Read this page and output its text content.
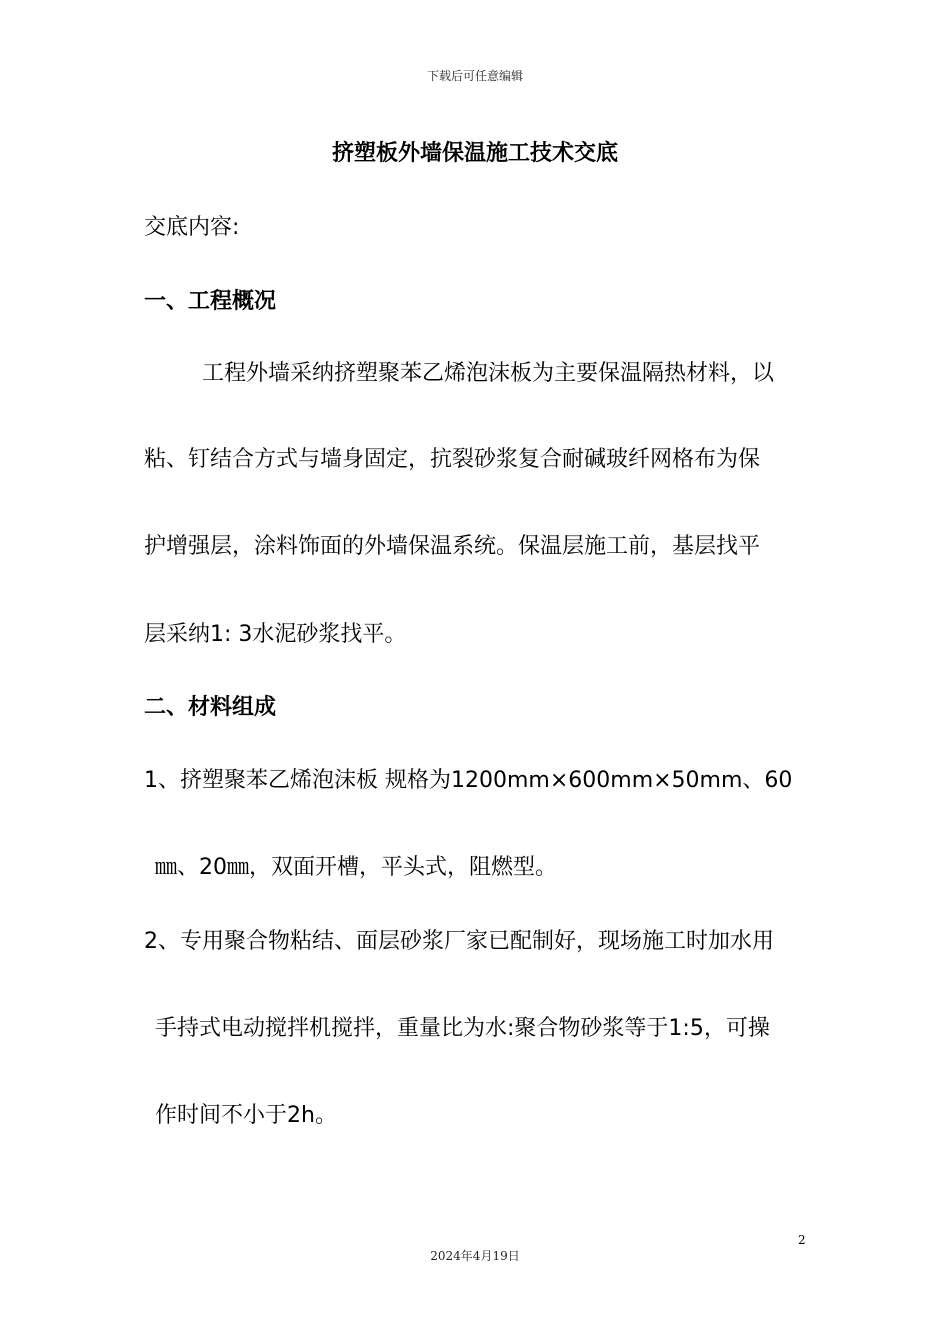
下载后可任意编辑
挤塑板外墙保温施工技术交底
交底内容:
一、工程概况
工程外墙采纳挤塑聚苯乙烯泡沫板为主要保温隔热材料，以
粘、钉结合方式与墙身固定，抗裂砂浆复合耐碱玻纤网格布为保
护增强层，涂料饰面的外墙保温系统。保温层施工前，基层找平
层采纳1: 3水泥砂浆找平。
二、材料组成
1、挤塑聚苯乙烯泡沫板 规格为1200mm×600mm×50mm、60
㎜、20㎜，双面开槽，平头式，阻燃型。
2、专用聚合物粘结、面层砂浆厂家已配制好，现场施工时加水用
手持式电动搅拌机搅拌，重量比为水:聚合物砂浆等于1:5，可操
作时间不小于2h。
2
2024年4月19日
